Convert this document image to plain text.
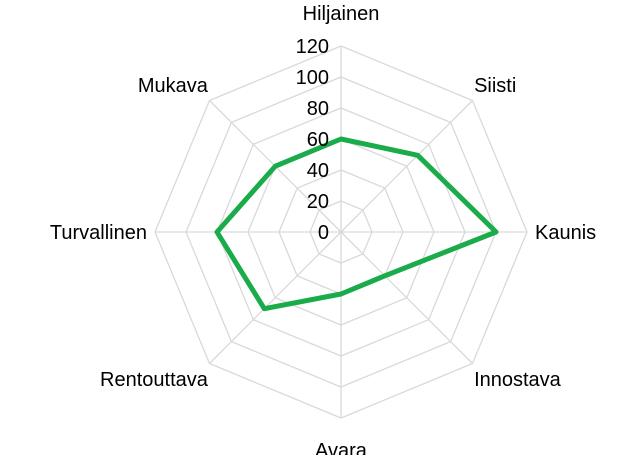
0
20
40
60
80
100
120
Hiljainen
Siisti
Kaunis
Innostava
Avara
Rentouttava
Turvallinen
Mukava
